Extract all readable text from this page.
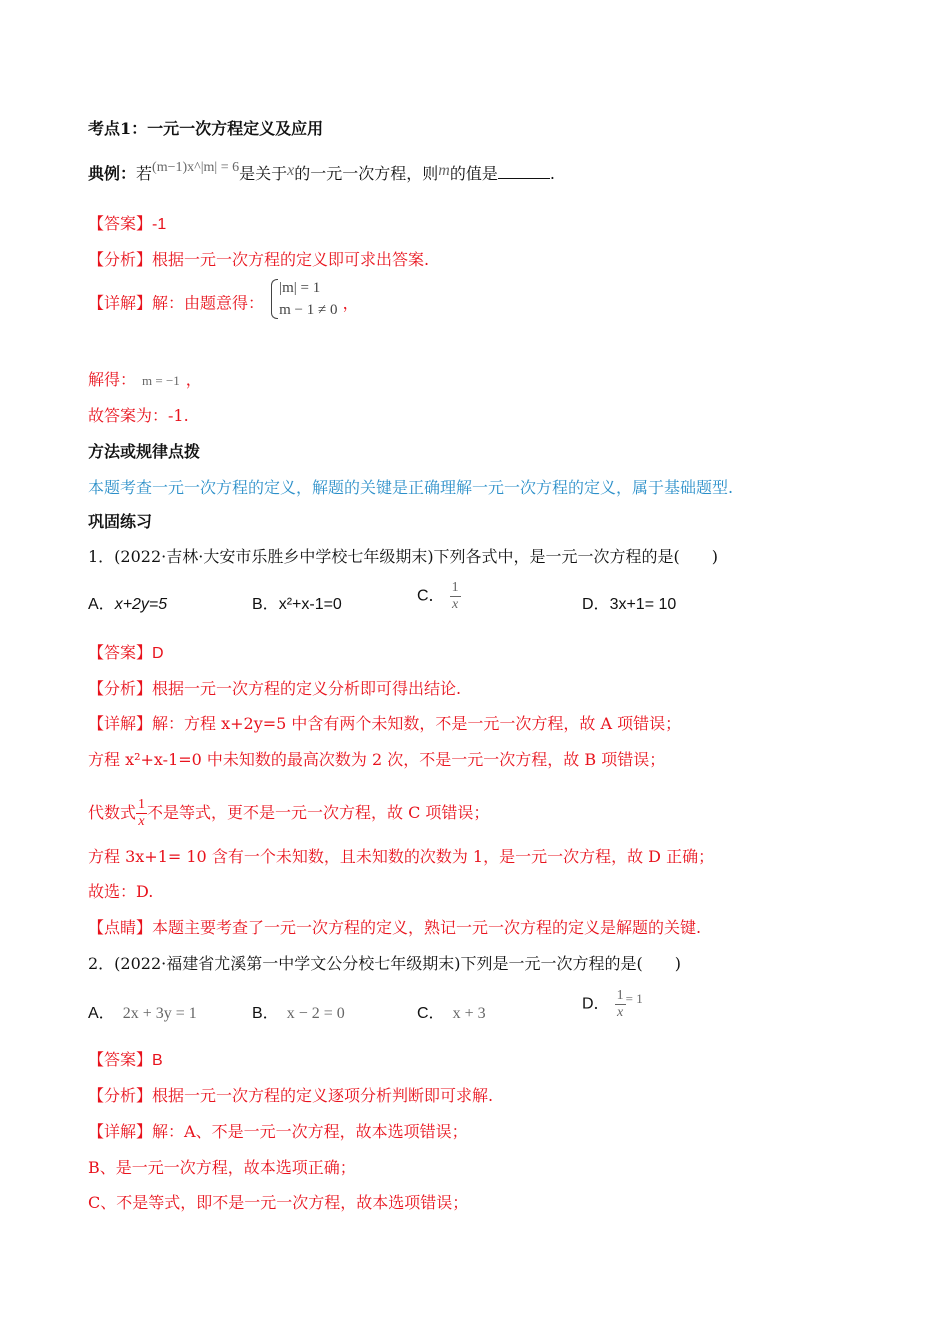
考点1：一元一次方程定义及应用
典例：若(m−1)x^|m| = 6是关于x的一元一次方程，则m的值是	.
【答案】-1
【分析】根据一元一次方程的定义即可求出答案.
【详解】解：由题意得：
|m| = 1
m − 1 ≠ 0 ，
解得： m = −1 ，
故答案为：-1.
方法或规律点拨
本题考查一元一次方程的定义，解题的关键是正确理解一元一次方程的定义，属于基础题型.
巩固练习
1．(2022·吉林·大安市乐胜乡中学校七年级期末)下列各式中，是一元一次方程的是(　　)
A．x+2y=5	B．x²+x-1=0	C． $\frac{1}{x}$	D．3x+1= 10
【答案】D
【分析】根据一元一次方程的定义分析即可得出结论.
【详解】解：方程 x+2y=5 中含有两个未知数，不是一元一次方程，故 A 项错误；
方程 x²+x-1=0 中未知数的最高次数为 2 次，不是一元一次方程，故 B 项错误；
代数式 $\frac{1}{x}$ 不是等式，更不是一元一次方程，故 C 项错误；
方程 3x+1= 10 含有一个未知数，且未知数的次数为 1，是一元一次方程，故 D 正确；
故选：D.
【点睛】本题主要考查了一元一次方程的定义，熟记一元一次方程的定义是解题的关键.
2．(2022·福建省尤溪第一中学文公分校七年级期末)下列是一元一次方程的是(　　)
A． 2x + 3y = 1	B． x − 2 = 0	C． x + 3
D． $\frac{1}{x} ^{= 1}$
【答案】B
【分析】根据一元一次方程的定义逐项分析判断即可求解.
【详解】解：A、不是一元一次方程，故本选项错误；
B、是一元一次方程，故本选项正确；
C、不是等式，即不是一元一次方程，故本选项错误；
